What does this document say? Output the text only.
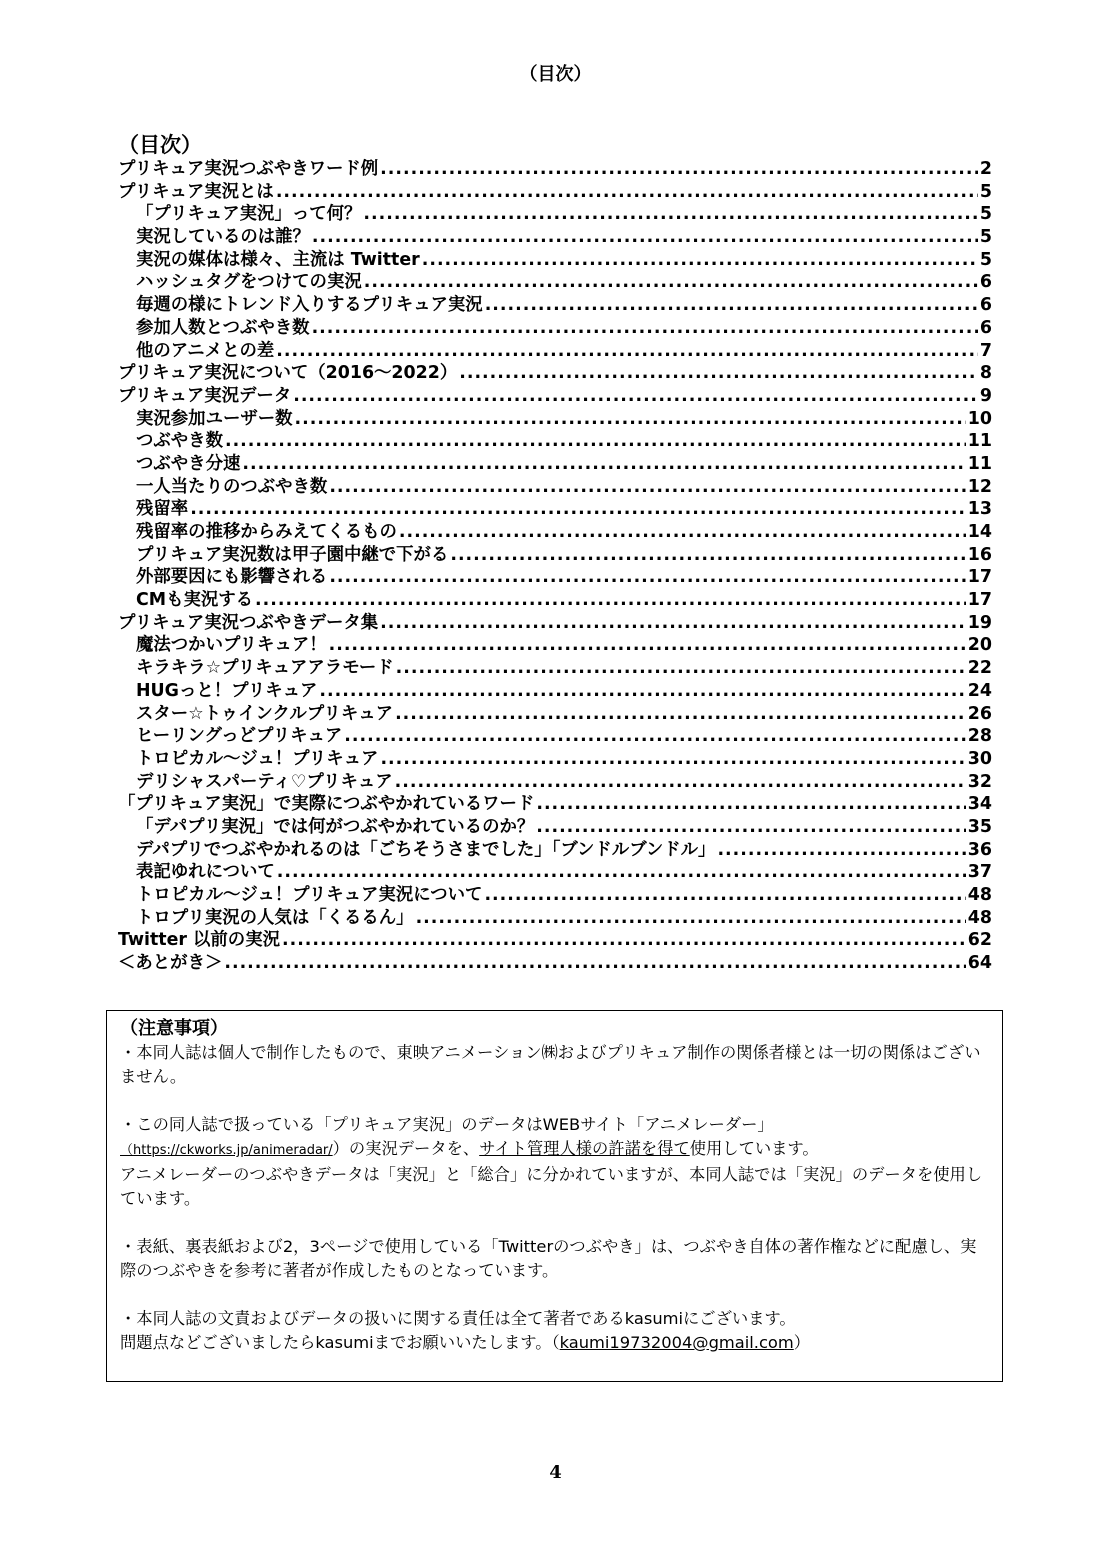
（目次）
（目次）
プリキュア実況つぶやきワード例 .....	2
プリキュア実況とは .....	5
「プリキュア実況」って何？ .....	5
実況しているのは誰？ .....	5
実況の媒体は様々、主流は Twitter .....	5
ハッシュタグをつけての実況 .....	6
毎週の様にトレンド入りするプリキュア実況 .....	6
参加人数とつぶやき数 .....	6
他のアニメとの差 .....	7
プリキュア実況について（2016～2022） .....	8
プリキュア実況データ .....	9
実況参加ユーザー数 .....	10
つぶやき数 .....	11
つぶやき分速 .....	11
一人当たりのつぶやき数 .....	12
残留率 .....	13
残留率の推移からみえてくるもの .....	14
プリキュア実況数は甲子園中継で下がる .....	16
外部要因にも影響される .....	17
CMも実況する .....	17
プリキュア実況つぶやきデータ集 .....	19
魔法つかいプリキュア！ .....	20
キラキラ☆プリキュアアラモード .....	22
HUGっと！プリキュア .....	24
スター☆トゥインクルプリキュア .....	26
ヒーリングっどプリキュア .....	28
トロピカル～ジュ！プリキュア .....	30
デリシャスパーティ♡プリキュア .....	32
「プリキュア実況」で実際につぶやかれているワード .....	34
「デパプリ実況」では何がつぶやかれているのか？ .....	35
デパプリでつぶやかれるのは「ごちそうさまでした」「ブンドルブンドル」 .....	36
表記ゆれについて .....	37
トロピカル～ジュ！プリキュア実況について .....	48
トロプリ実況の人気は「くるるん」 .....	48
Twitter 以前の実況 .....	62
＜あとがき＞ .....	64
（注意事項）

・本同人誌は個人で制作したもので、東映アニメーション㈱およびプリキュア制作の関係者様とは一切の関係はございません。

・この同人誌で扱っている「プリキュア実況」のデータはWEBサイト「アニメレーダー」

（https://ckworks.jp/animeradar/）の実況データを、サイト管理人様の許諾を得て使用しています。

アニメレーダーのつぶやきデータは「実況」と「総合」に分かれていますが、本同人誌では「実況」のデータを使用しています。

・表紙、裏表紙および2，3ページで使用している「Twitterのつぶやき」は、つぶやき自体の著作権などに配慮し、実際のつぶやきを参考に著者が作成したものとなっています。

・本同人誌の文責およびデータの扱いに関する責任は全て著者であるkasumiにございます。

問題点などございましたらkasumiまでお願いいたします。（kaumi19732004@gmail.com）

4
